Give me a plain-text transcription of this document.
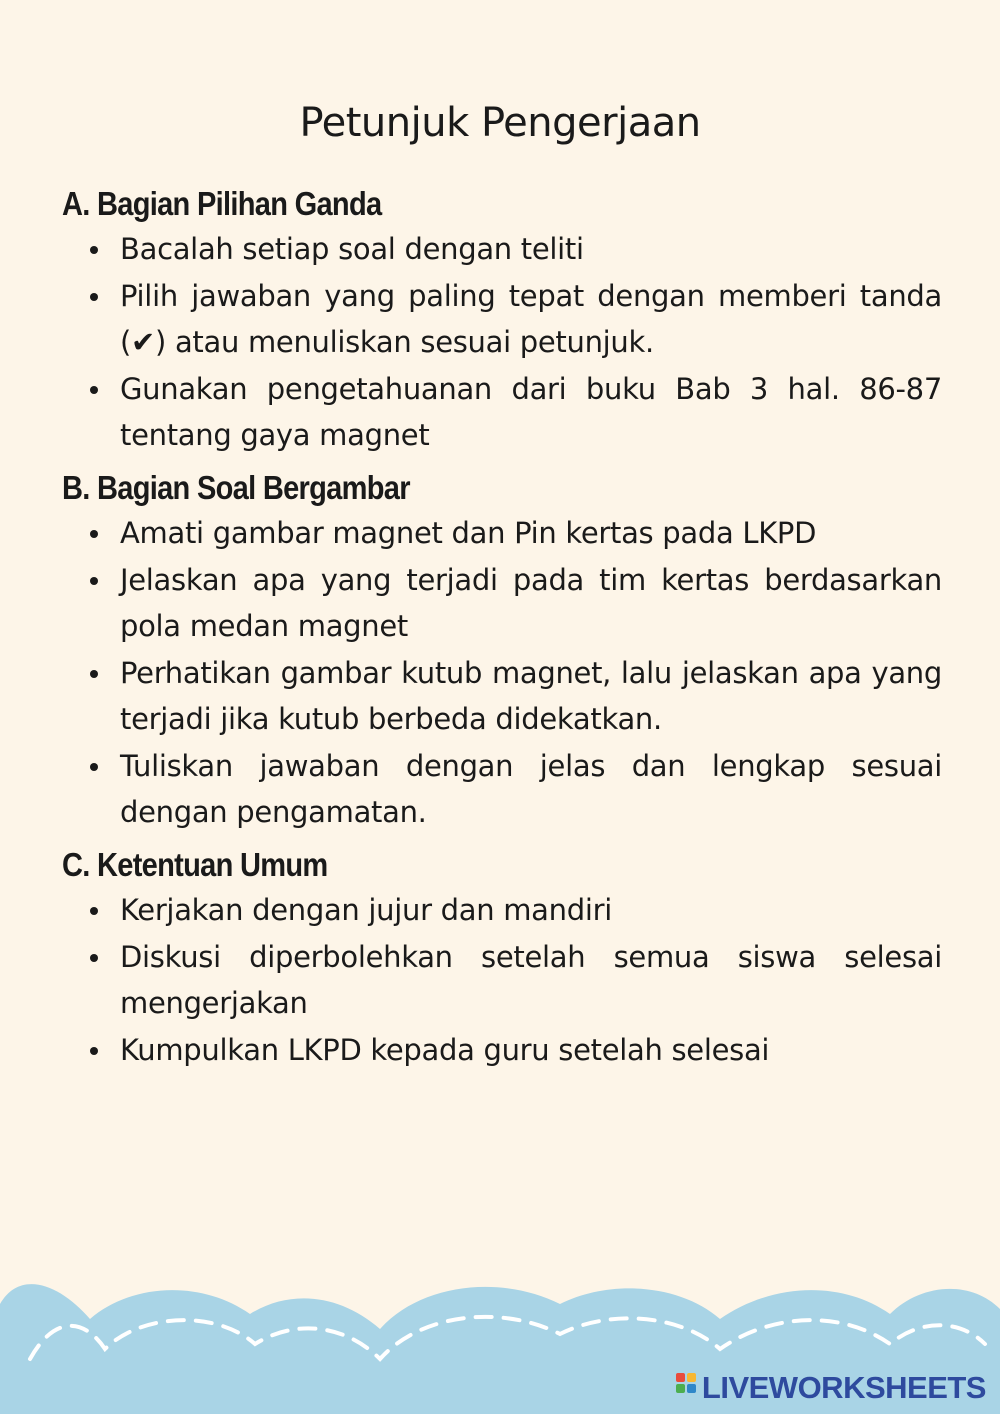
Petunjuk Pengerjaan
A. Bagian Pilihan Ganda
Bacalah setiap soal dengan teliti
Pilih jawaban yang paling tepat dengan memberi tanda (✔) atau menuliskan sesuai petunjuk.
Gunakan pengetahuanan dari buku Bab 3 hal. 86-87 tentang gaya magnet
B. Bagian Soal Bergambar
Amati gambar magnet dan Pin kertas pada LKPD
Jelaskan apa yang terjadi pada tim kertas berdasarkan pola medan magnet
Perhatikan gambar kutub magnet, lalu jelaskan apa yang terjadi jika kutub berbeda didekatkan.
Tuliskan jawaban dengan jelas dan lengkap sesuai dengan pengamatan.
C. Ketentuan Umum
Kerjakan dengan jujur dan mandiri
Diskusi diperbolehkan setelah semua siswa selesai mengerjakan
Kumpulkan LKPD kepada guru setelah selesai
LIVEWORKSHEETS
